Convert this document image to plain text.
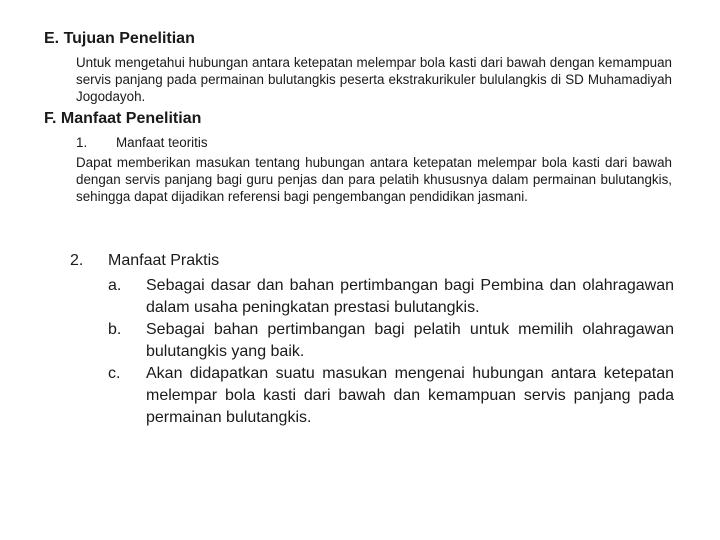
E. Tujuan Penelitian

Untuk mengetahui hubungan antara ketepatan melempar bola kasti dari bawah dengan kemampuan servis panjang pada permainan bulutangkis peserta ekstrakurikuler bululangkis di SD Muhamadiyah Jogodayoh.

F. Manfaat Penelitian

1. Manfaat teoritis

Dapat memberikan masukan tentang hubungan antara ketepatan melempar bola kasti dari bawah dengan servis panjang bagi guru penjas dan para pelatih khususnya dalam permainan bulutangkis, sehingga dapat dijadikan referensi bagi pengembangan pendidikan jasmani.

2. Manfaat Praktis

a.	Sebagai dasar dan bahan pertimbangan bagi Pembina dan olahragawan dalam usaha peningkatan prestasi bulutangkis.
b.	Sebagai bahan pertimbangan bagi pelatih untuk memilih olahragawan bulutangkis yang baik.
c.	Akan didapatkan suatu masukan mengenai hubungan antara ketepatan melempar bola kasti dari bawah dan kemampuan servis panjang pada permainan bulutangkis.
